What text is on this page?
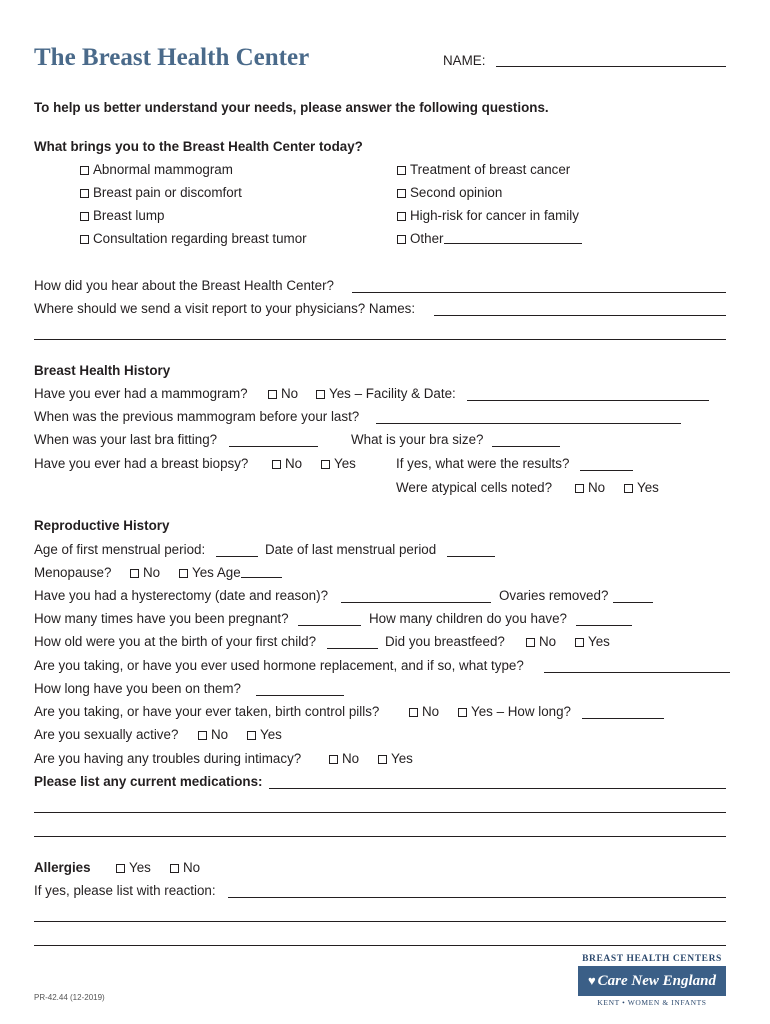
The Breast Health Center	NAME:
To help us better understand your needs, please answer the following questions.
What brings you to the Breast Health Center today?
Abnormal mammogram
Breast pain or discomfort
Breast lump
Consultation regarding breast tumor
Treatment of breast cancer
Second opinion
High-risk for cancer in family
Other
How did you hear about the Breast Health Center?
Where should we send a visit report to your physicians? Names:
Breast Health History
Have you ever had a mammogram?	No	Yes – Facility & Date:
When was the previous mammogram before your last?
When was your last bra fitting?	What is your bra size?
Have you ever had a breast biopsy?	No	Yes	If yes, what were the results?
Were atypical cells noted?	No	Yes
Reproductive History
Age of first menstrual period:	Date of last menstrual period
Menopause?	No	Yes Age
Have you had a hysterectomy (date and reason)?	Ovaries removed?
How many times have you been pregnant?	How many children do you have?
How old were you at the birth of your first child?	Did you breastfeed?	No	Yes
Are you taking, or have you ever used hormone replacement, and if so, what type?
How long have you been on them?
Are you taking, or have your ever taken, birth control pills?	No	Yes – How long?
Are you sexually active?	No	Yes
Are you having any troubles during intimacy?	No	Yes
Please list any current medications:
Allergies	Yes	No
If yes, please list with reaction:
BREAST HEALTH CENTERS
♥ Care New England
KENT • WOMEN & INFANTS
PR-42.44 (12-2019)
